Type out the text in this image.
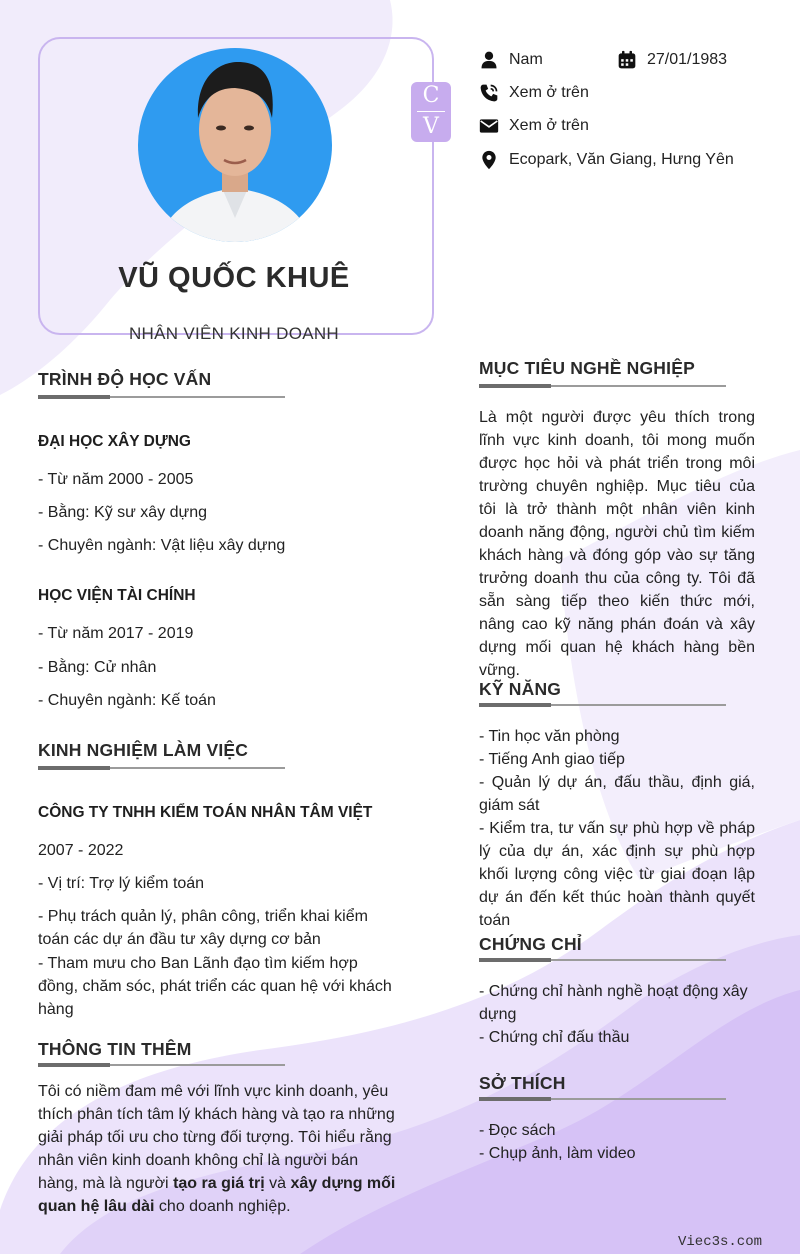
C
V
VŨ QUỐC KHUÊ
NHÂN VIÊN KINH DOANH
Nam	27/01/1983
Xem ở trên
Xem ở trên
Ecopark, Văn Giang, Hưng Yên
TRÌNH ĐỘ HỌC VẤN
ĐẠI HỌC XÂY DỰNG
- Từ năm 2000 - 2005
- Bằng: Kỹ sư xây dựng
- Chuyên ngành: Vật liệu xây dựng
HỌC VIỆN TÀI CHÍNH
- Từ năm 2017 - 2019
- Bằng: Cử nhân
- Chuyên ngành: Kế toán
KINH NGHIỆM LÀM VIỆC
CÔNG TY TNHH KIỂM TOÁN NHÂN TÂM VIỆT
2007 - 2022
- Vị trí: Trợ lý kiểm toán
- Phụ trách quản lý, phân công, triển khai kiểm toán các dự án đầu tư xây dựng cơ bản
- Tham mưu cho Ban Lãnh đạo tìm kiếm hợp đồng, chăm sóc, phát triển các quan hệ với khách hàng
THÔNG TIN THÊM
Tôi có niềm đam mê với lĩnh vực kinh doanh, yêu thích phân tích tâm lý khách hàng và tạo ra những giải pháp tối ưu cho từng đối tượng. Tôi hiểu rằng nhân viên kinh doanh không chỉ là người bán hàng, mà là người tạo ra giá trị và xây dựng mối quan hệ lâu dài cho doanh nghiệp.
MỤC TIÊU NGHỀ NGHIỆP
Là một người được yêu thích trong lĩnh vực kinh doanh, tôi mong muốn được học hỏi và phát triển trong môi trường chuyên nghiệp. Mục tiêu của tôi là trở thành một nhân viên kinh doanh năng động, người chủ tìm kiếm khách hàng và đóng góp vào sự tăng trưởng doanh thu của công ty. Tôi đã sẵn sàng tiếp theo kiến thức mới, nâng cao kỹ năng phán đoán và xây dựng mối quan hệ khách hàng bền vững.
KỸ NĂNG
- Tin học văn phòng
- Tiếng Anh giao tiếp
- Quản lý dự án, đấu thầu, định giá, giám sát
- Kiểm tra, tư vấn sự phù hợp về pháp lý của dự án, xác định sự phù hợp khối lượng công việc từ giai đoạn lập dự án đến kết thúc hoàn thành quyết toán
CHỨNG CHỈ
- Chứng chỉ hành nghề hoạt động xây dựng
- Chứng chỉ đấu thầu
SỞ THÍCH
- Đọc sách
- Chụp ảnh, làm video
Viec3s.com
